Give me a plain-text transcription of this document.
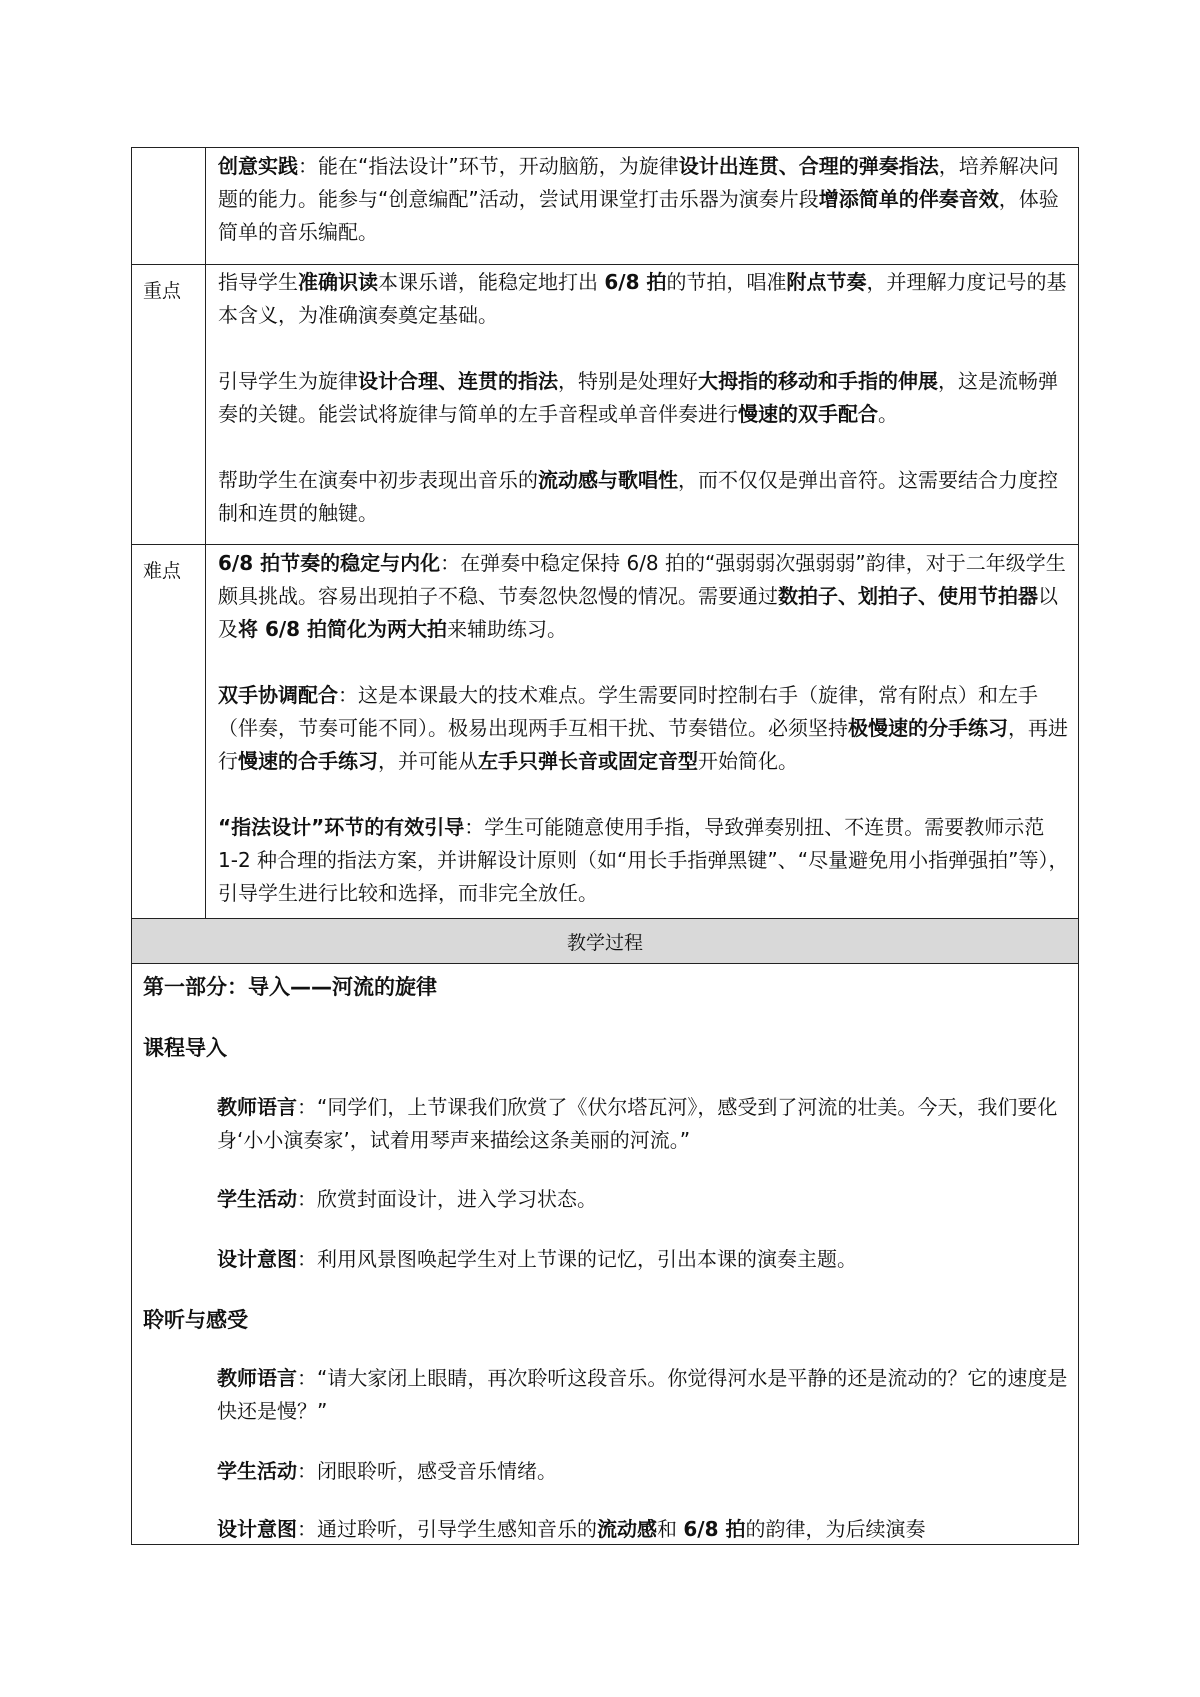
创意实践：能在“指法设计”环节，开动脑筋，为旋律设计出连贯、合理的弹奏指法，培养解决问题的能力。能参与“创意编配”活动，尝试用课堂打击乐器为演奏片段增添简单的伴奏音效，体验简单的音乐编配。

重点	指导学生准确识读本课乐谱，能稳定地打出 6/8 拍的节拍，唱准附点节奏，并理解力度记号的基本含义，为准确演奏奠定基础。

引导学生为旋律设计合理、连贯的指法，特别是处理好大拇指的移动和手指的伸展，这是流畅弹奏的关键。能尝试将旋律与简单的左手音程或单音伴奏进行慢速的双手配合。

帮助学生在演奏中初步表现出音乐的流动感与歌唱性，而不仅仅是弹出音符。这需要结合力度控制和连贯的触键。

难点	6/8 拍节奏的稳定与内化：在弹奏中稳定保持 6/8 拍的“强弱弱次强弱弱”韵律，对于二年级学生颇具挑战。容易出现拍子不稳、节奏忽快忽慢的情况。需要通过数拍子、划拍子、使用节拍器以及将 6/8 拍简化为两大拍来辅助练习。

双手协调配合：这是本课最大的技术难点。学生需要同时控制右手（旋律，常有附点）和左手（伴奏，节奏可能不同）。极易出现两手互相干扰、节奏错位。必须坚持极慢速的分手练习，再进行慢速的合手练习，并可能从左手只弹长音或固定音型开始简化。

“指法设计”环节的有效引导：学生可能随意使用手指，导致弹奏别扭、不连贯。需要教师示范 1-2 种合理的指法方案，并讲解设计原则（如“用长手指弹黑键”、“尽量避免用小指弹强拍”等），引导学生进行比较和选择，而非完全放任。

教学过程
第一部分：导入——河流的旋律
课程导入
教师语言：“同学们，上节课我们欣赏了《伏尔塔瓦河》，感受到了河流的壮美。今天，我们要化身‘小小演奏家’，试着用琴声来描绘这条美丽的河流。”
学生活动：欣赏封面设计，进入学习状态。
设计意图：利用风景图唤起学生对上节课的记忆，引出本课的演奏主题。
聆听与感受
教师语言：“请大家闭上眼睛，再次聆听这段音乐。你觉得河水是平静的还是流动的？它的速度是快还是慢？”
学生活动：闭眼聆听，感受音乐情绪。
设计意图：通过聆听，引导学生感知音乐的流动感和 6/8 拍的韵律，为后续演奏
